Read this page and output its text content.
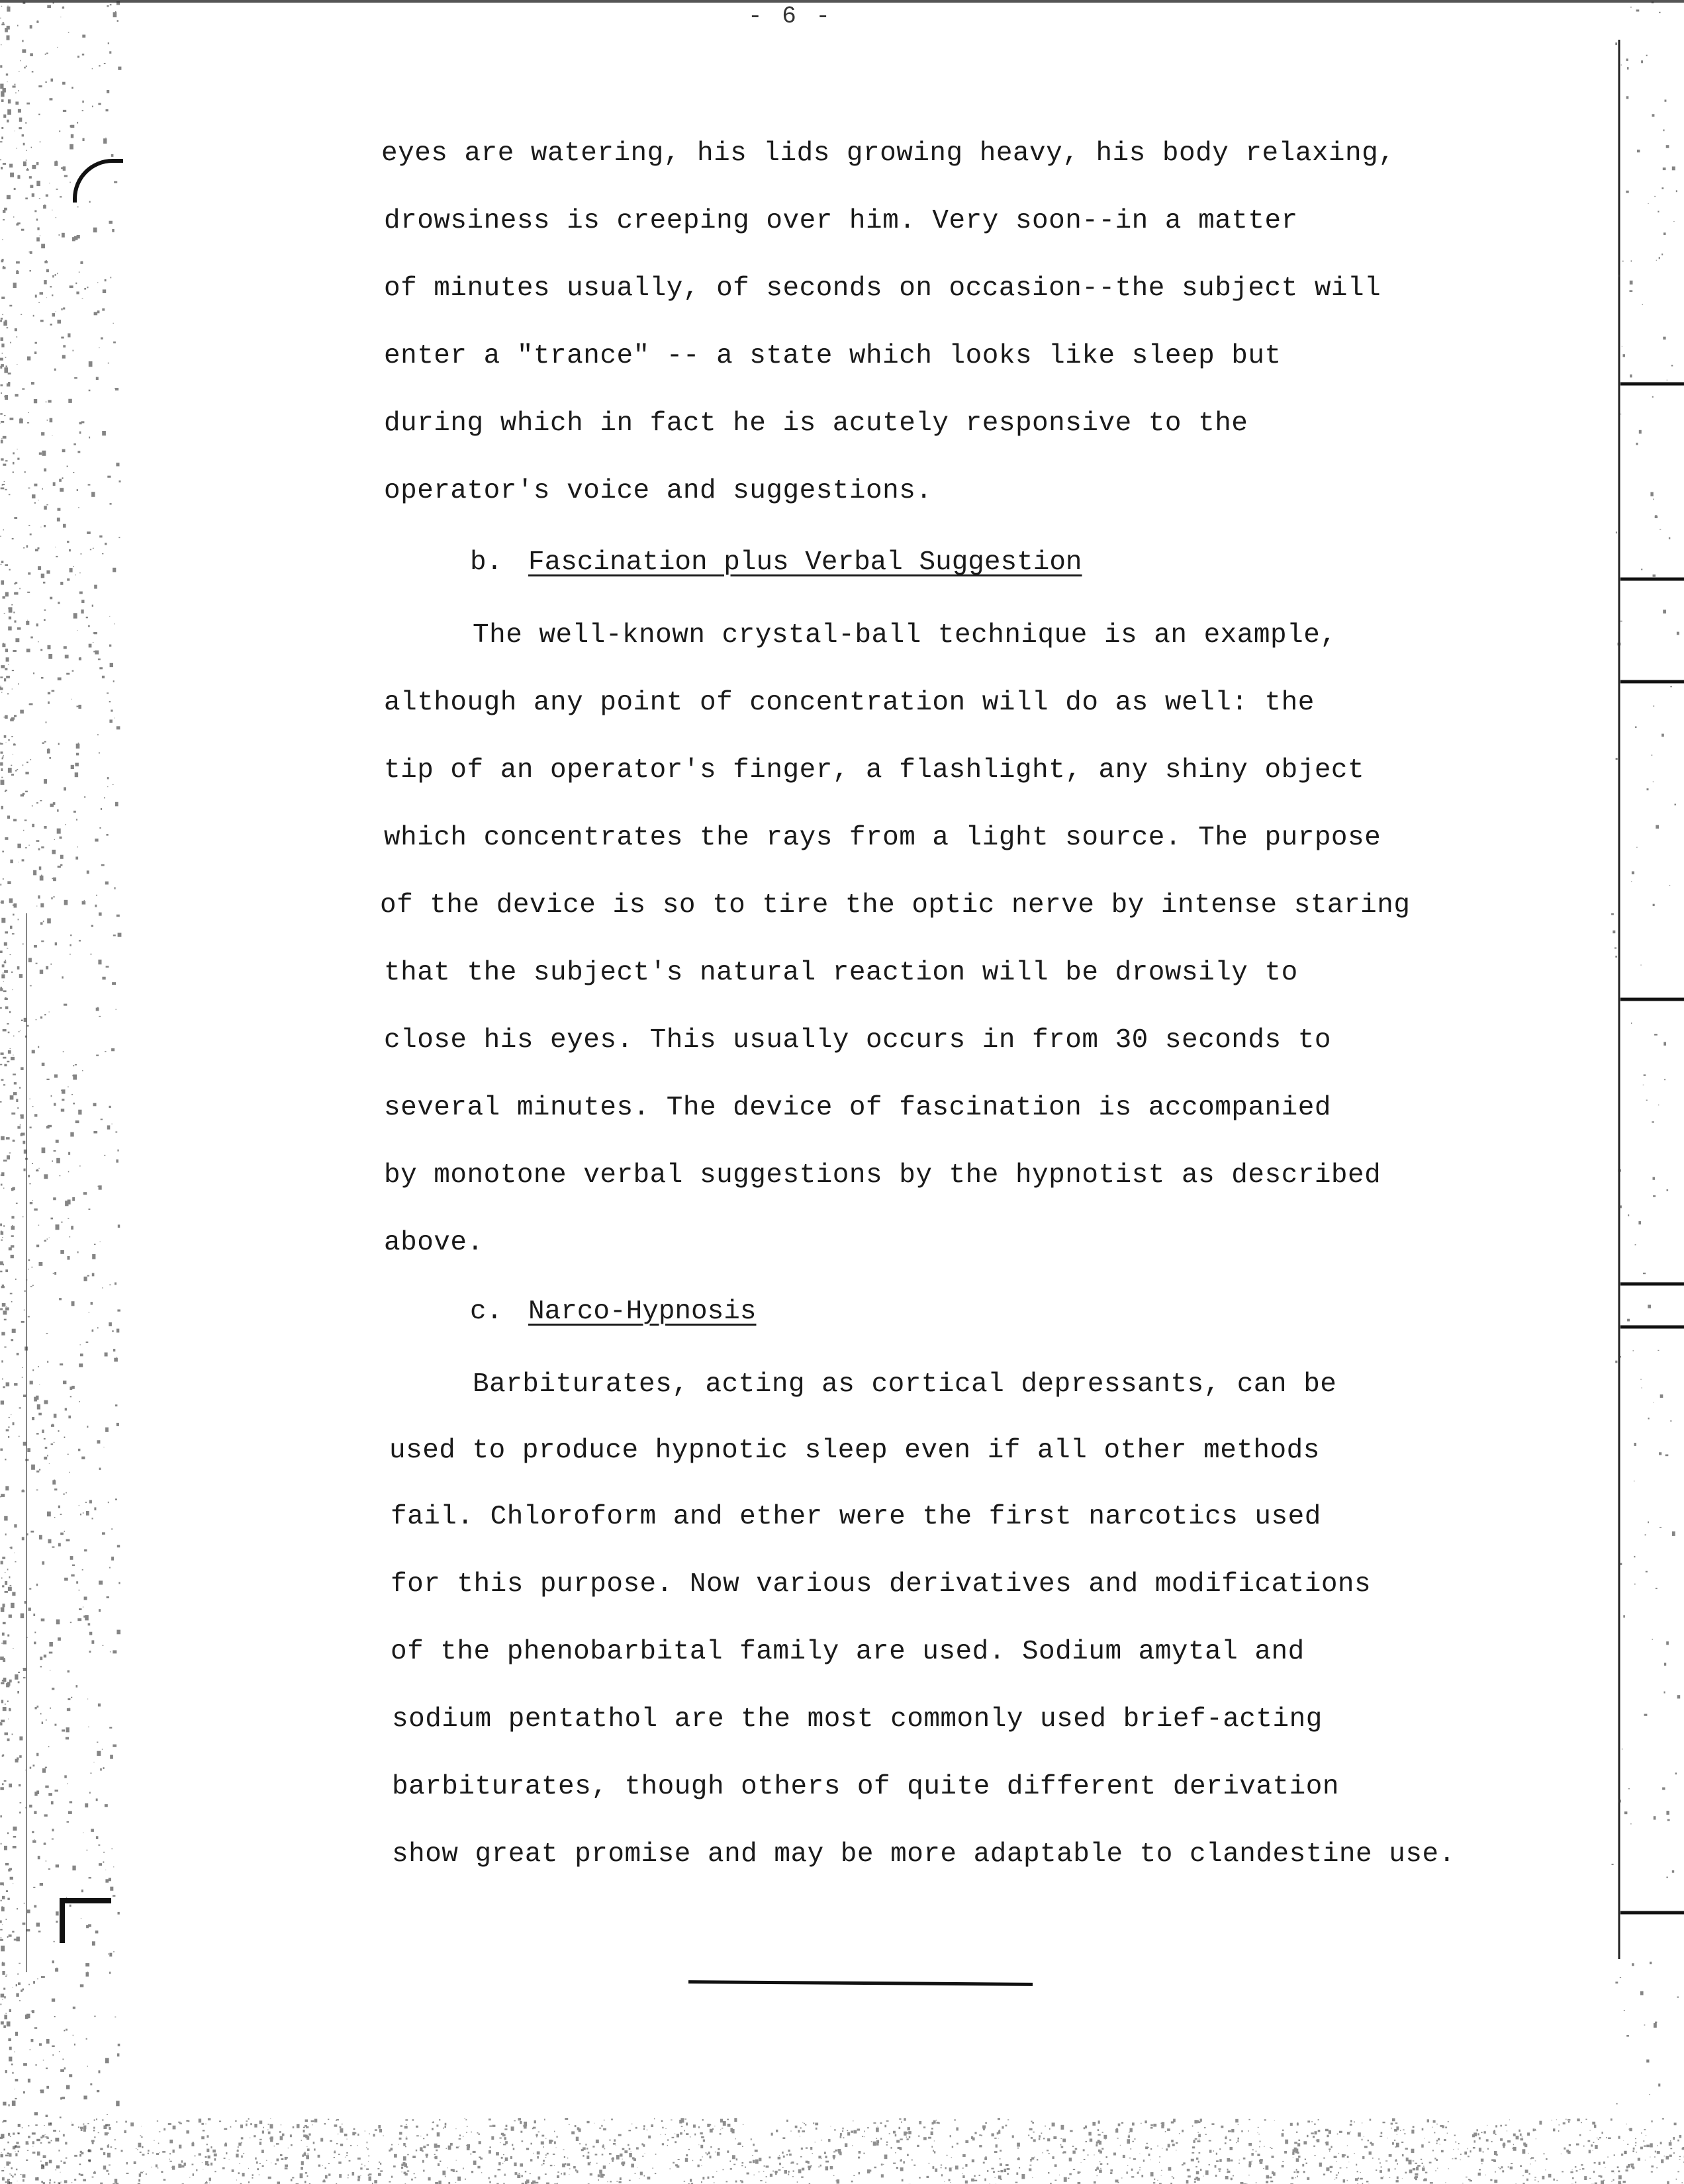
- 6 -
eyes are watering, his lids growing heavy, his body relaxing,
drowsiness is creeping over him. Very soon--in a matter
of minutes usually, of seconds on occasion--the subject will
enter a "trance" -- a state which looks like sleep but
during which in fact he is acutely responsive to the
operator's voice and suggestions.
b. Fascination plus Verbal Suggestion
The well-known crystal-ball technique is an example,
although any point of concentration will do as well: the
tip of an operator's finger, a flashlight, any shiny object
which concentrates the rays from a light source. The purpose
of the device is so to tire the optic nerve by intense staring
that the subject's natural reaction will be drowsily to
close his eyes. This usually occurs in from 30 seconds to
several minutes. The device of fascination is accompanied
by monotone verbal suggestions by the hypnotist as described
above.
c. Narco-Hypnosis
Barbiturates, acting as cortical depressants, can be
used to produce hypnotic sleep even if all other methods
fail. Chloroform and ether were the first narcotics used
for this purpose. Now various derivatives and modifications
of the phenobarbital family are used. Sodium amytal and
sodium pentathol are the most commonly used brief-acting
barbiturates, though others of quite different derivation
show great promise and may be more adaptable to clandestine use.
